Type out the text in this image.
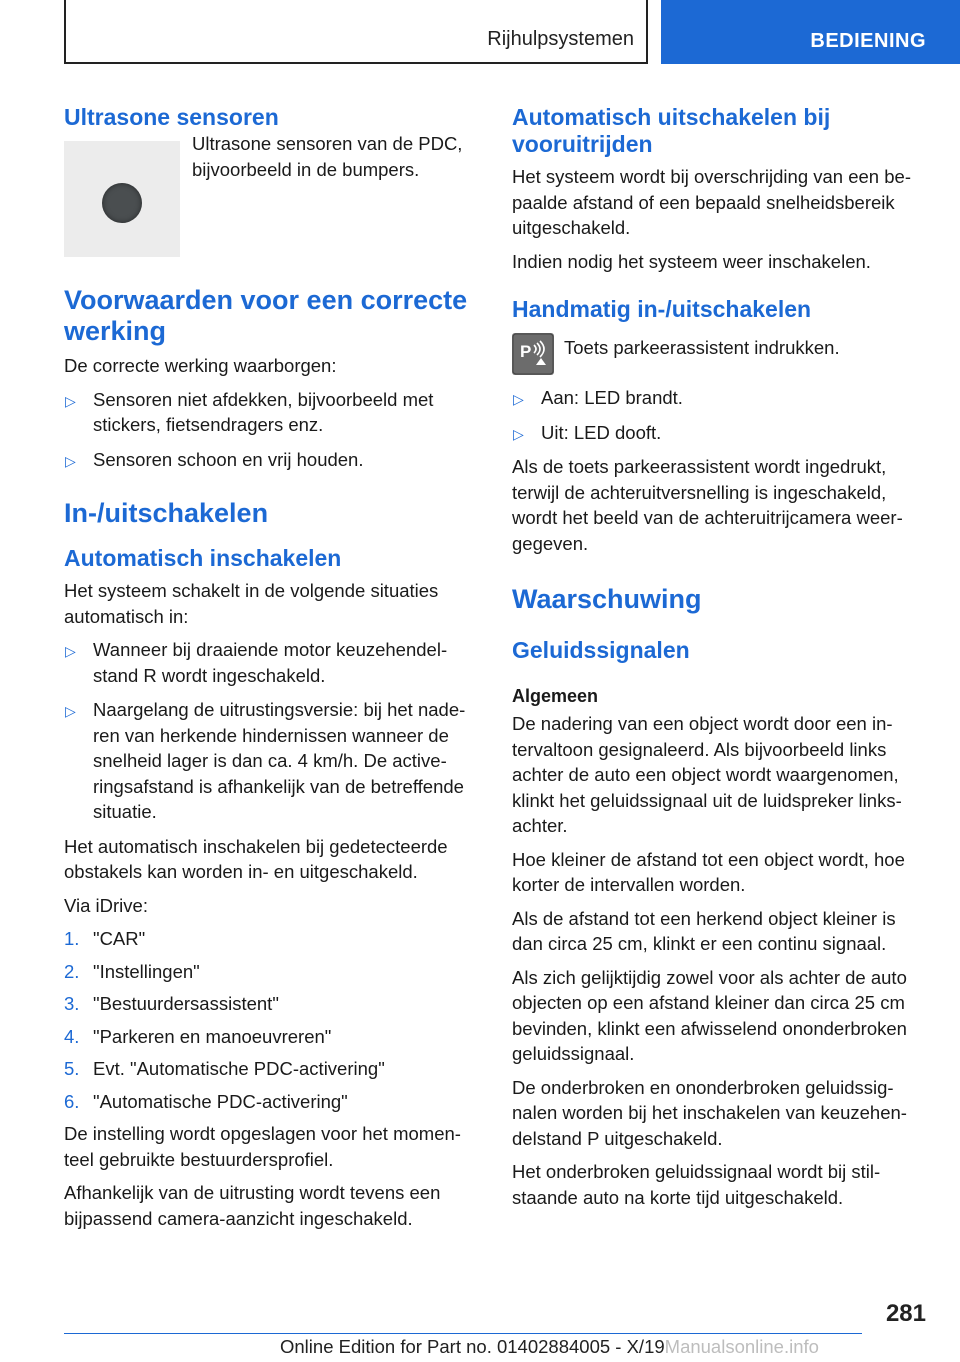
Rijhulpsystemen	BEDIENING
Ultrasone sensoren

Ultrasone sensoren van de PDC, bijvoorbeeld in de bumpers.

Voorwaarden voor een correcte werking

De correcte werking waarborgen:

▷ Sensoren niet afdekken, bijvoorbeeld met stickers, fietsendragers enz.
▷ Sensoren schoon en vrij houden.
In-/uitschakelen
Automatisch inschakelen

Het systeem schakelt in de volgende situaties automatisch in:

▷ Wanneer bij draaiende motor keuzehendelstand R wordt ingeschakeld.
▷ Naargelang de uitrustingsversie: bij het naderen van herkende hindernissen wanneer de snelheid lager is dan ca. 4 km/h. De activeringsafstand is afhankelijk van de betreffende situatie.

Het automatisch inschakelen bij gedetecteerde obstakels kan worden in- en uitgeschakeld.

Via iDrive:

1. "CAR"
2. "Instellingen"
3. "Bestuurdersassistent"
4. "Parkeren en manoeuvreren"
5. Evt. "Automatische PDC-activering"
6. "Automatische PDC-activering"

De instelling wordt opgeslagen voor het momenteel gebruikte bestuurdersprofiel.

Afhankelijk van de uitrusting wordt tevens een bijpassend camera-aanzicht ingeschakeld.

Automatisch uitschakelen bij vooruitrijden

Het systeem wordt bij overschrijding van een bepaalde afstand of een bepaald snelheidsbereik uitgeschakeld.

Indien nodig het systeem weer inschakelen.

Handmatig in-/uitschakelen
P Toets parkeerassistent indrukken.

▷ Aan: LED brandt.
▷ Uit: LED dooft.

Als de toets parkeerassistent wordt ingedrukt, terwijl de achteruitversnelling is ingeschakeld, wordt het beeld van de achteruitrijcamera weergegeven.

Waarschuwing
Geluidssignalen
Algemeen

De nadering van een object wordt door een intervaltoon gesignaleerd. Als bijvoorbeeld links achter de auto een object wordt waargenomen, klinkt het geluidssignaal uit de luidspreker linksachter.

Hoe kleiner de afstand tot een object wordt, hoe korter de intervallen worden.

Als de afstand tot een herkend object kleiner is dan circa 25 cm, klinkt er een continu signaal.

Als zich gelijktijdig zowel voor als achter de auto objecten op een afstand kleiner dan circa 25 cm bevinden, klinkt een afwisselend ononderbroken geluidssignaal.

De onderbroken en ononderbroken geluidssignalen worden bij het inschakelen van keuzehendelstand P uitgeschakeld.

Het onderbroken geluidssignaal wordt bij stilstaande auto na korte tijd uitgeschakeld.

281
Online Edition for Part no. 01402884005 - X/19Manualsonline.info
